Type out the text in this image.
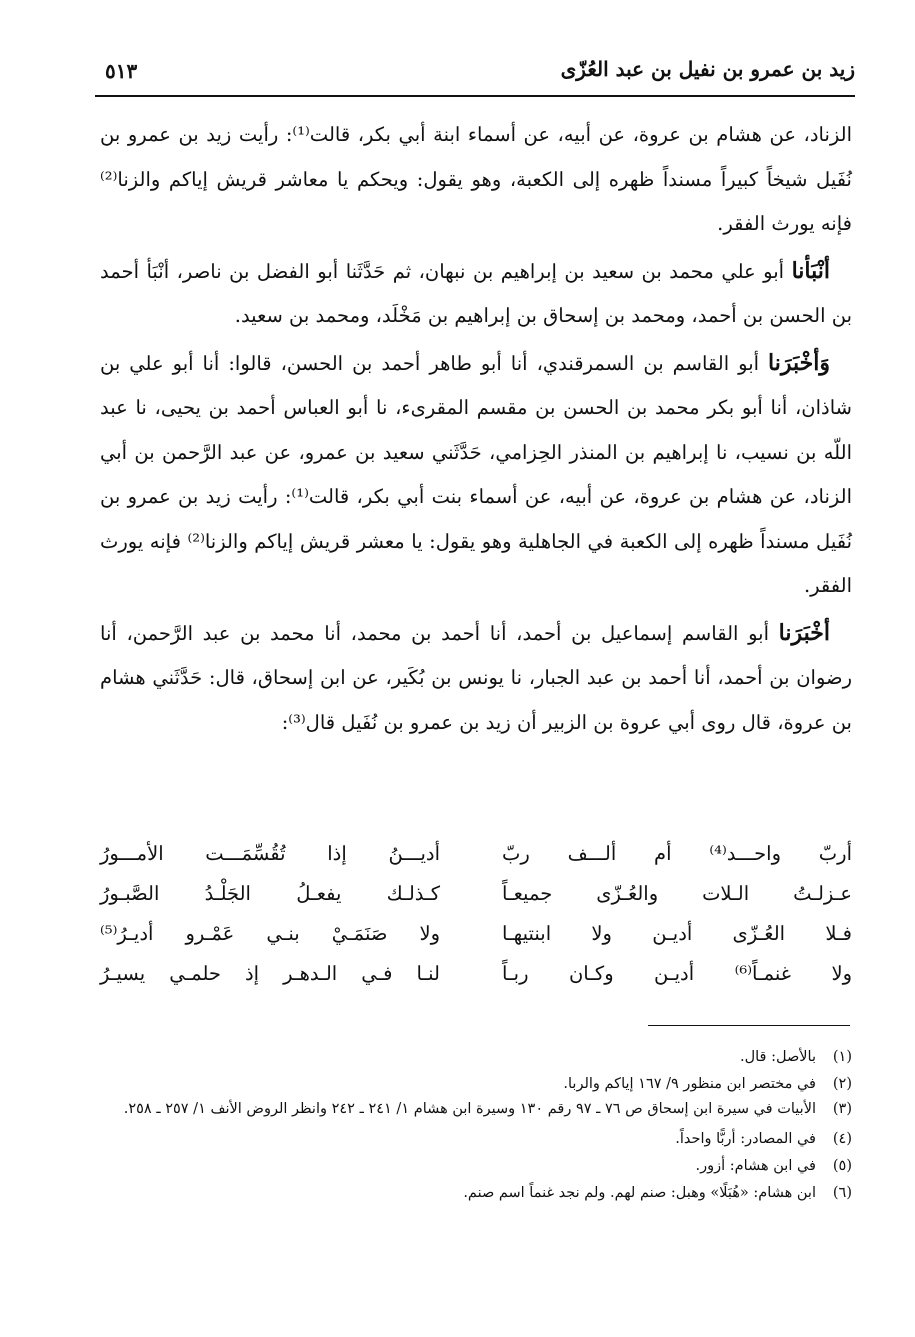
زيد بن عمرو بن نفيل بن عبد العُزّى
٥١٣

الزناد، عن هشام بن عروة، عن أبيه، عن أسماء ابنة أبي بكر، قالت⁽¹⁾: رأيت زيد بن عمرو بن نُفَيل شيخاً كبيراً مسنداً ظهره إلى الكعبة، وهو يقول: ويحكم يا معاشر قريش إياكم والزنا⁽²⁾ فإنه يورث الفقر.

أنْبَأنا أبو علي محمد بن سعيد بن إبراهيم بن نبهان، ثم حَدَّثَنا أبو الفضل بن ناصر، أنْبَأ أحمد بن الحسن بن أحمد، ومحمد بن إسحاق بن إبراهيم بن مَخْلَد، ومحمد بن سعيد.

وَأخْبَرَنا أبو القاسم بن السمرقندي، أنا أبو طاهر أحمد بن الحسن، قالوا: أنا أبو علي بن شاذان، أنا أبو بكر محمد بن الحسن بن مقسم المقرىء، نا أبو العباس أحمد بن يحيى، نا عبد اللّه بن نسيب، نا إبراهيم بن المنذر الحِزامي، حَدَّثَني سعيد بن عمرو، عن عبد الرَّحمن بن أبي الزناد، عن هشام بن عروة، عن أبيه، عن أسماء بنت أبي بكر، قالت⁽¹⁾: رأيت زيد بن عمرو بن نُفَيل مسنداً ظهره إلى الكعبة في الجاهلية وهو يقول: يا معشر قريش إياكم والزنا⁽²⁾ فإنه يورث الفقر.

أخْبَرَنا أبو القاسم إسماعيل بن أحمد، أنا أحمد بن محمد، أنا محمد بن عبد الرَّحمن، أنا رضوان بن أحمد، أنا أحمد بن عبد الجبار، نا يونس بن بُكَير، عن ابن إسحاق، قال: حَدَّثَني هشام بن عروة، قال روى أبي عروة بن الزبير أن زيد بن عمرو بن نُفَيل قال⁽³⁾:

أربّ واحـــد⁽⁴⁾ أم ألـــف ربّ
أديـــنُ إذا تُقُسِّمَـــت الأمـــورُ
عـزلـتُ الـلات والعُـزّى جميعـاً
كـذلـك يفعـلُ الجَلْـدُ الصَّبـورُ
فـلا العُـزّى أديـن ولا ابنتيهـا
ولا صَنَمَـيْ بنـي عَمْـرو أديـرُ⁽⁵⁾
ولا غنمـاً⁽⁶⁾ أديـن وكـان ربـاً
لنـا فـي الـدهـر إذ حلمـي يسيـرُ
(١)
بالأصل: قال.
(٢)
في مختصر ابن منظور ٩/ ١٦٧ إياكم والربا.
(٣)
الأبيات في سيرة ابن إسحاق ص ٧٦ ـ ٩٧ رقم ١٣٠ وسيرة ابن هشام ١/ ٢٤١ ـ ٢٤٢ وانظر الروض الأنف ١/ ٢٥٧ ـ ٢٥٨.
(٤)
في المصادر: أربًّا واحداً.
(٥)
في ابن هشام: أزور.
(٦)
ابن هشام: «هُبَلًا» وهبل: صنم لهم. ولم نجد غنماً اسم صنم.
